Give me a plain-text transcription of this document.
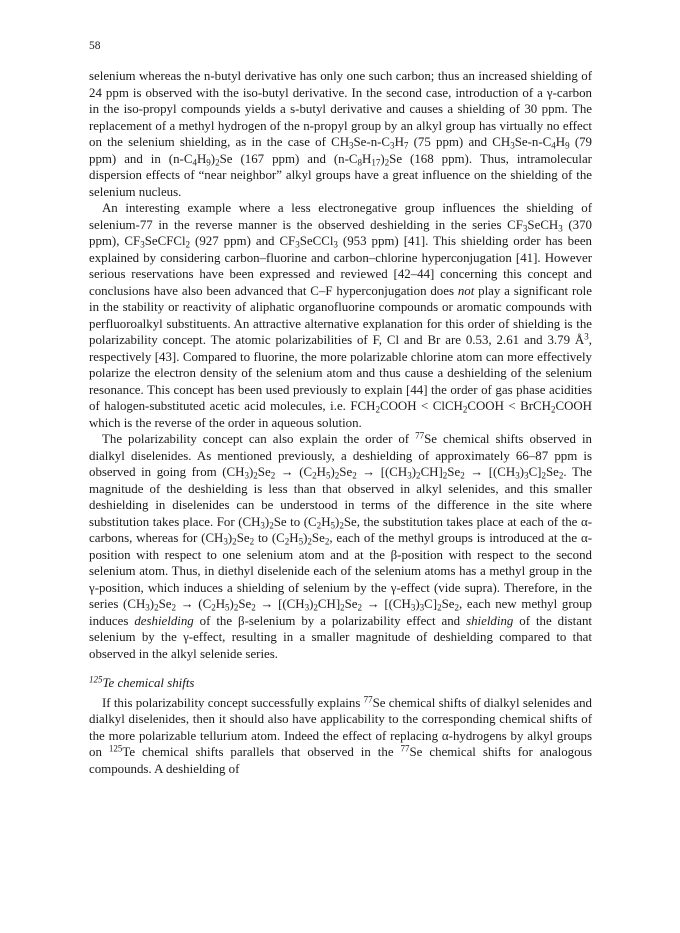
58

selenium whereas the n-butyl derivative has only one such carbon; thus an increased shielding of 24 ppm is observed with the iso-butyl derivative. In the second case, introduction of a γ-carbon in the iso-propyl compounds yields a s-butyl derivative and causes a shielding of 30 ppm. The replacement of a methyl hydrogen of the n-propyl group by an alkyl group has virtually no effect on the selenium shielding, as in the case of $CH_3Se-n-C_3H_7$ (75 ppm) and $CH_3Se-n-C_4H_9$ (79 ppm) and in $(n-C_4H_9)_2Se$ (167 ppm) and $(n-C_8H_{17})_2Se$ (168 ppm). Thus, intramolecular dispersion effects of “near neighbor” alkyl groups have a great influence on the shielding of the selenium nucleus.

An interesting example where a less electronegative group influences the shielding of selenium-77 in the reverse manner is the observed deshielding in the series $CF_3SeCH_3$ (370 ppm), $CF_3SeCFCl_2$ (927 ppm) and $CF_3SeCCl_3$ (953 ppm) [41]. This shielding order has been explained by considering carbon–fluorine and carbon–chlorine hyperconjugation [41]. However serious reservations have been expressed and reviewed [42–44] concerning this concept and conclusions have also been advanced that C–F hyperconjugation does not play a significant role in the stability or reactivity of aliphatic organofluorine compounds or aromatic compounds with perfluoroalkyl substituents. An attractive alternative explanation for this order of shielding is the polarizability concept. The atomic polarizabilities of F, Cl and Br are 0.53, 2.61 and 3.79 $Å^3$, respectively [43]. Compared to fluorine, the more polarizable chlorine atom can more effectively polarize the electron density of the selenium atom and thus cause a deshielding of the selenium resonance. This concept has been used previously to explain [44] the order of gas phase acidities of halogen-substituted acetic acid molecules, i.e. $FCH_2COOH$ < ClCH$_2$COOH < BrCH$_2$COOH which is the reverse of the order in aqueous solution.

The polarizability concept can also explain the order of $^{77}$Se chemical shifts observed in dialkyl diselenides. As mentioned previously, a deshielding of approximately 66–87 ppm is observed in going from $(CH_3)_2Se_2 \to (C_2H_5)_2Se_2 \to [(CH_3)_2CH]_2Se_2 \to [(CH_3)_3C]_2Se_2$. The magnitude of the deshielding is less than that observed in alkyl selenides, and this smaller deshielding in diselenides can be understood in terms of the difference in the site where substitution takes place. For $(CH_3)_2Se$ to $(C_2H_5)_2Se$, the substitution takes place at each of the α-carbons, whereas for $(CH_3)_2Se_2$ to $(C_2H_5)_2Se_2$, each of the methyl groups is introduced at the α-position with respect to one selenium atom and at the β-position with respect to the second selenium atom. Thus, in diethyl diselenide each of the selenium atoms has a methyl group in the γ-position, which induces a shielding of selenium by the γ-effect (vide supra). Therefore, in the series $(CH_3)_2Se_2 \to (C_2H_5)_2Se_2 \to [(CH_3)_2CH]_2Se_2 \to [(CH_3)_3C]_2Se_2$, each new methyl group induces deshielding of the β-selenium by a polarizability effect and shielding of the distant selenium by the γ-effect, resulting in a smaller magnitude of deshielding compared to that observed in the alkyl selenide series.

$^{125}$Te chemical shifts

If this polarizability concept successfully explains $^{77}$Se chemical shifts of dialkyl selenides and dialkyl diselenides, then it should also have applicability to the corresponding chemical shifts of the more polarizable tellurium atom. Indeed the effect of replacing α-hydrogens by alkyl groups on $^{125}$Te chemical shifts parallels that observed in the $^{77}$Se chemical shifts for analogous compounds. A deshielding of
